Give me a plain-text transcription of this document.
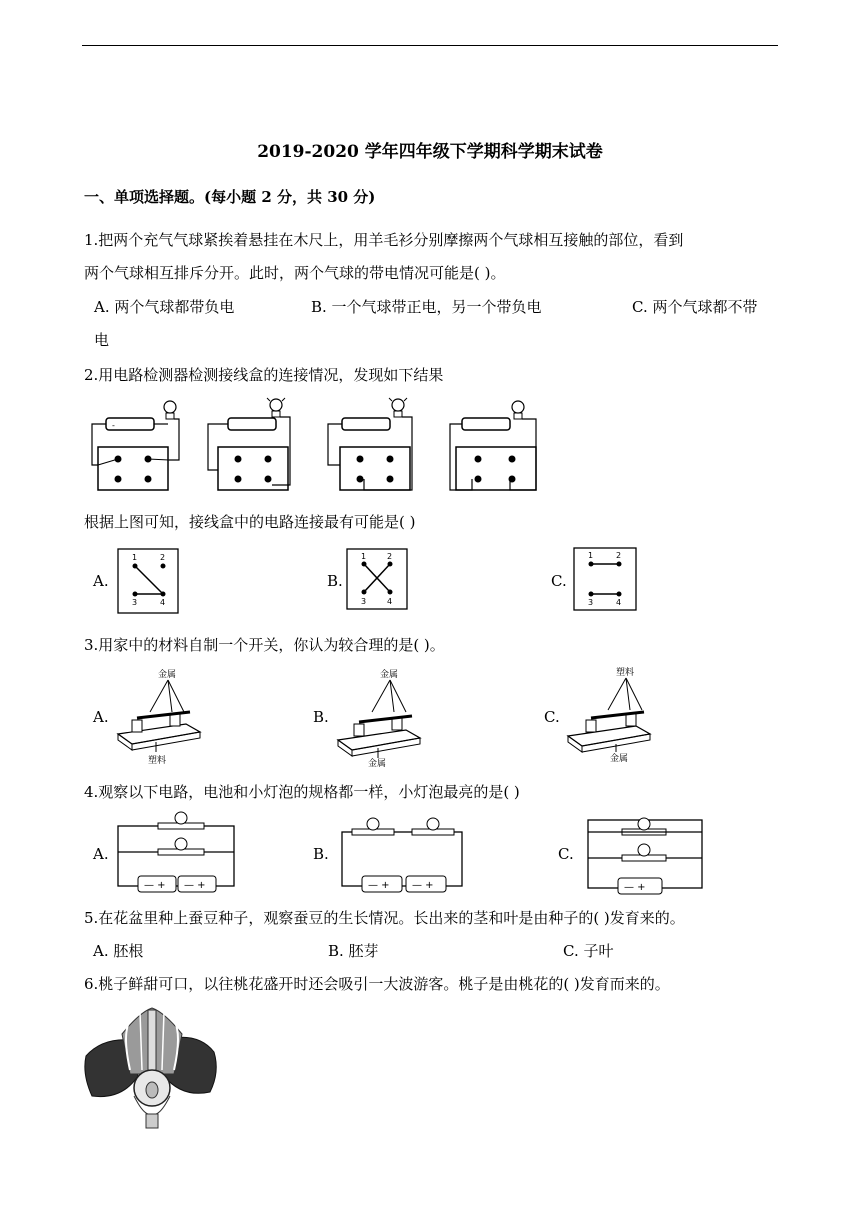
2019-2020 学年四年级下学期科学期末试卷
一、单项选择题。(每小题 2 分，共 30 分)
1.把两个充气气球紧挨着悬挂在木尺上，用羊毛衫分别摩擦两个气球相互接触的部位，看到
两个气球相互排斥分开。此时，两个气球的带电情况可能是( )。
A. 两个气球都带负电	B. 一个气球带正电，另一个带负电	C. 两个气球都不带
电
2.用电路检测器检测接线盒的连接情况，发现如下结果
-
根据上图可知，接线盒中的电路连接最有可能是( )
A.
1	2
3	4
B.
1	2
3	4
C.
1	2
3	4
3.用家中的材料自制一个开关，你认为较合理的是( )。
A.
金属
塑料
B.
金属
金属
C.
塑料
金属
4.观察以下电路，电池和小灯泡的规格都一样，小灯泡最亮的是( )
A.
— + — +
B.
— + — +
C.
— +
5.在花盆里种上蚕豆种子，观察蚕豆的生长情况。长出来的茎和叶是由种子的( )发育来的。
A. 胚根	B. 胚芽	C. 子叶
6.桃子鲜甜可口，以往桃花盛开时还会吸引一大波游客。桃子是由桃花的( )发育而来的。
